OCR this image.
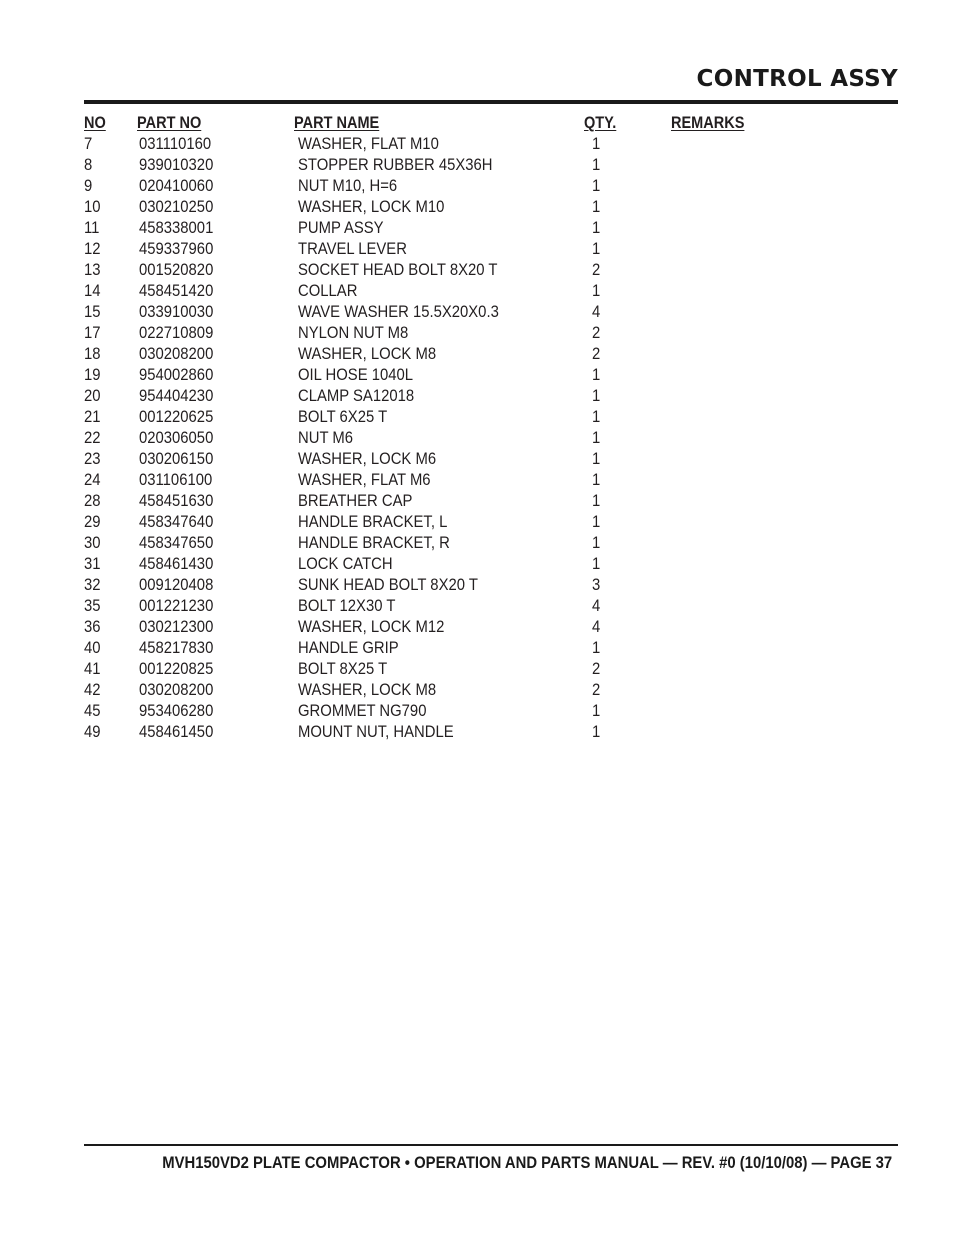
CONTROL ASSY
NO PART NO	PART NAME	QTY.	REMARKS
7	031110160	WASHER, FLAT M10	1
8	939010320	STOPPER RUBBER 45X36H	1
9	020410060	NUT M10, H=6	1
10 030210250	WASHER, LOCK M10	1
11 458338001	PUMP ASSY	1
12 459337960	TRAVEL LEVER	1
13 001520820	SOCKET HEAD BOLT 8X20 T	2
14 458451420	COLLAR	1
15 033910030	WAVE WASHER 15.5X20X0.3	4
17 022710809	NYLON NUT M8	2
18 030208200	WASHER, LOCK M8	2
19 954002860	OIL HOSE 1040L	1
20 954404230	CLAMP SA12018	1
21 001220625	BOLT 6X25 T	1
22 020306050	NUT M6	1
23 030206150	WASHER, LOCK M6	1
24 031106100	WASHER, FLAT M6	1
28 458451630	BREATHER CAP	1
29 458347640	HANDLE BRACKET, L	1
30 458347650	HANDLE BRACKET, R	1
31 458461430	LOCK CATCH	1
32 009120408	SUNK HEAD BOLT 8X20 T	3
35 001221230	BOLT 12X30 T	4
36 030212300	WASHER, LOCK M12	4
40 458217830	HANDLE GRIP	1
41 001220825	BOLT 8X25 T	2
42 030208200	WASHER, LOCK M8	2
45 953406280	GROMMET NG790	1
49 458461450	MOUNT NUT, HANDLE	1
MVH150VD2 PLATE COMPACTOR • OPERATION AND PARTS MANUAL — REV. #0 (10/10/08) — PAGE 37
